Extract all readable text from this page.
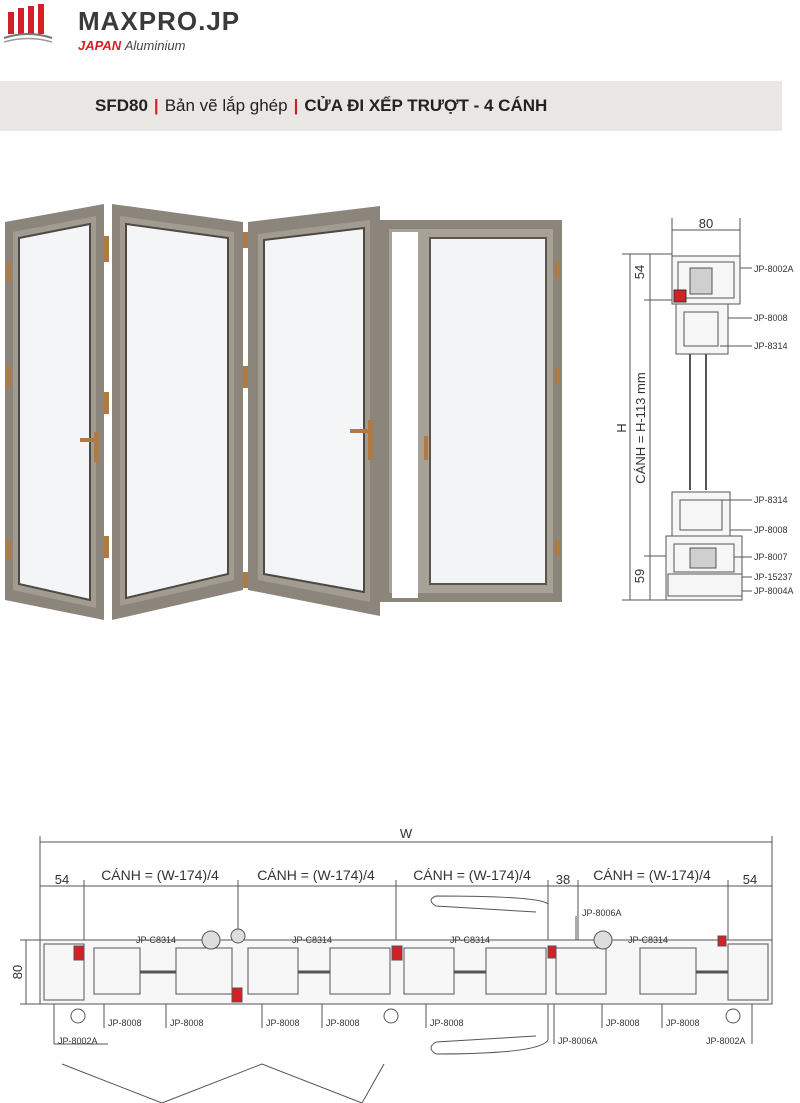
MAXPRO.JP
JAPAN Aluminium
SFD80 | Bản vẽ lắp ghép | CỬA ĐI XẾP TRƯỢT - 4 CÁNH
80
54
59
H CÁNH = H-113 mm
JP-8002A
JP-8008
JP-8314
JP-8314
JP-8008
JP-8007
JP-15237
JP-8004A
W
54 CÁNH = (W-174)/4	CÁNH = (W-174)/4	CÁNH = (W-174)/4 38 CÁNH = (W-174)/4 54
80
JP-C8314	JP-C8314	JP-C8314
JP-8006A
JP-C8314
JP-8002A
JP-8008	JP-8008	JP-8008	JP-8008	JP-8008
JP-8006A
JP-8008	JP-8008
JP-8002A
